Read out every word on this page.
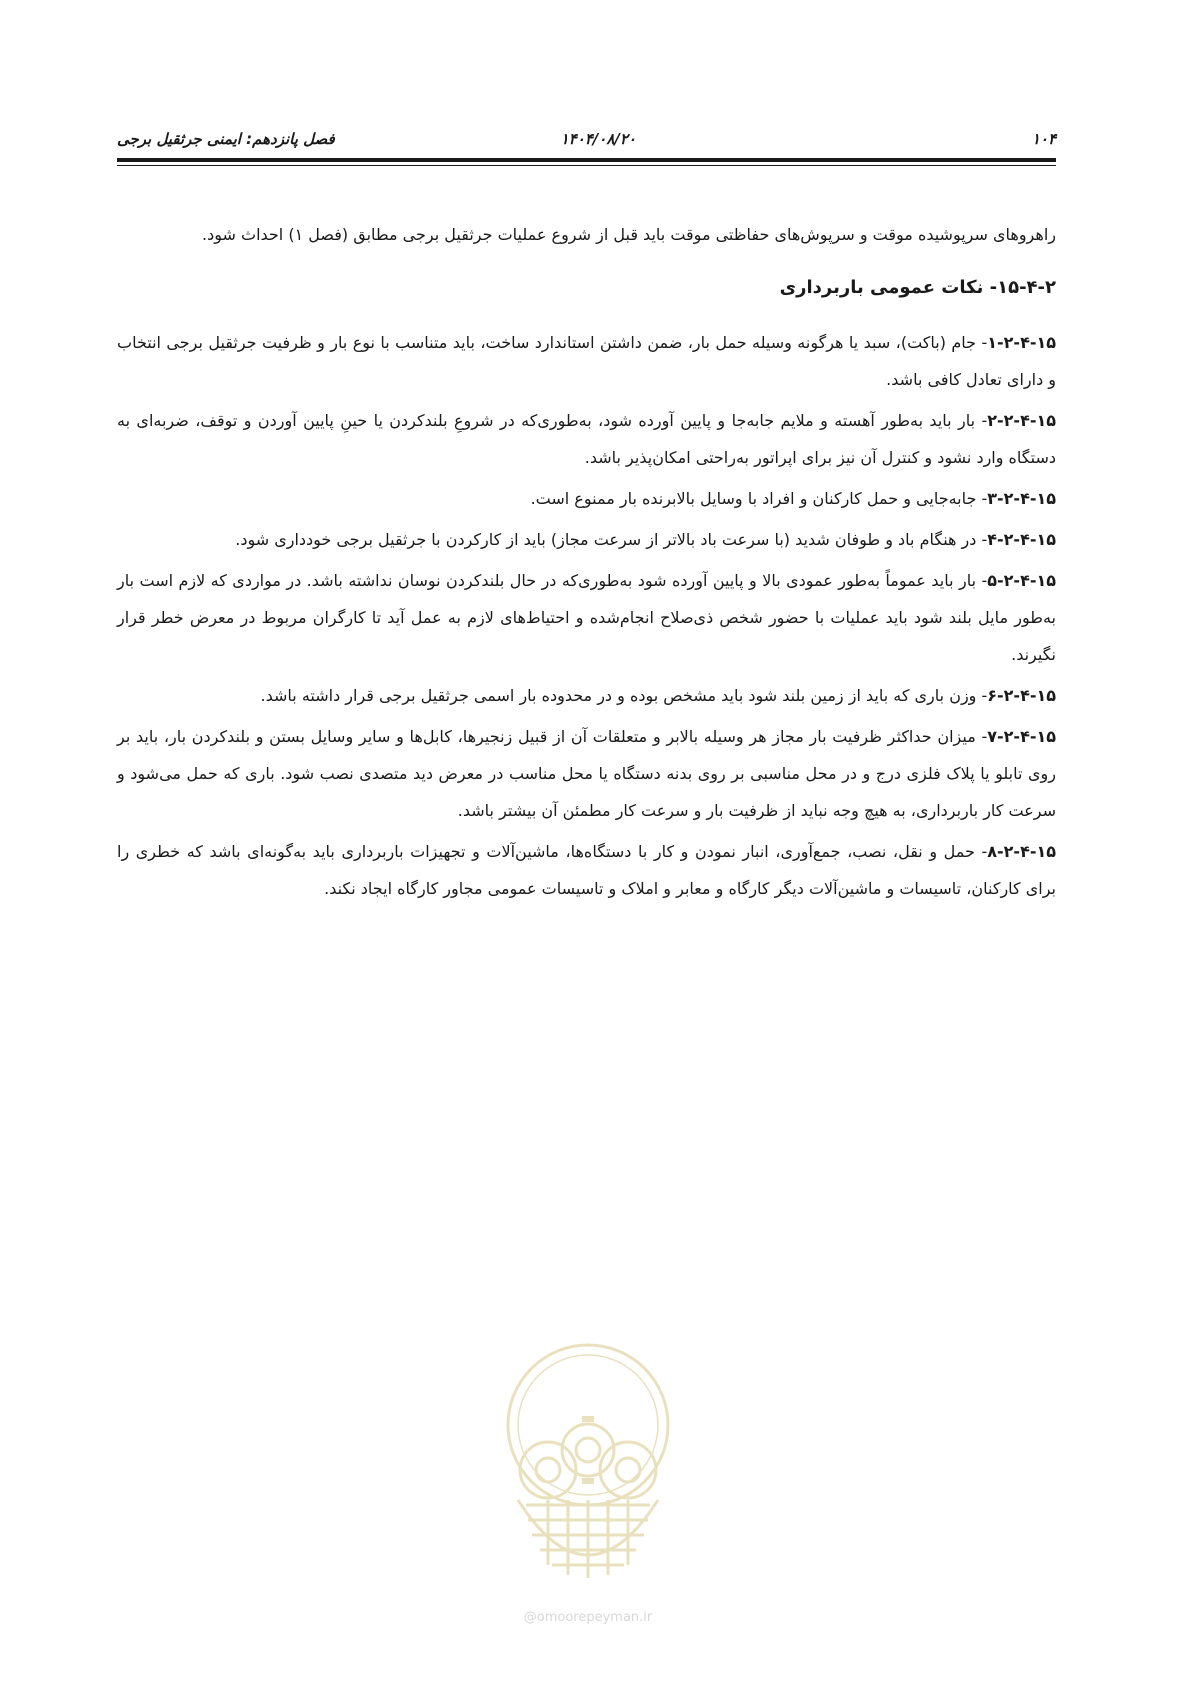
۱۰۴
۱۴۰۴/۰۸/۲۰
فصل پانزدهم: ایمنی جرثقیل برجی

راهروهای سرپوشیده موقت و سرپوش‌های حفاظتی موقت باید قبل از شروع عملیات جرثقیل برجی مطابق (فصل ۱) احداث شود.

۱۵-۴-۲- نکات عمومی باربرداری

۱-۲-۴-۱۵- جام (باکت)، سبد یا هرگونه وسیله حمل بار، ضمن داشتن استاندارد ساخت، باید متناسب با نوع بار و ظرفیت جرثقیل برجی انتخاب و دارای تعادل کافی باشد.

۲-۲-۴-۱۵- بار باید به‌طور آهسته و ملایم جابه‌جا و پایین آورده شود، به‌طوری‌که در شروعِ بلندکردن یا حینِ پایین آوردن و توقف، ضربه‌ای به دستگاه وارد نشود و کنترل آن نیز برای اپراتور به‌راحتی امکان‌پذیر باشد.

۳-۲-۴-۱۵- جابه‌جایی و حمل کارکنان و افراد با وسایل بالابرنده بار ممنوع است.

۴-۲-۴-۱۵- در هنگام باد و طوفان شدید (با سرعت باد بالاتر از سرعت مجاز) باید از کارکردن با جرثقیل برجی خودداری شود.

۵-۲-۴-۱۵- بار باید عموماً به‌طور عمودی بالا و پایین آورده شود به‌طوری‌که در حال بلندکردن نوسان نداشته باشد. در مواردی که لازم است بار به‌طور مایل بلند شود باید عملیات با حضور شخص ذی‌صلاح انجام‌شده و احتیاط‌های لازم به عمل آید تا کارگران مربوط در معرض خطر قرار نگیرند.

۶-۲-۴-۱۵- وزن باری که باید از زمین بلند شود باید مشخص بوده و در محدوده بار اسمی جرثقیل برجی قرار داشته باشد.

۷-۲-۴-۱۵- میزان حداکثر ظرفیت بار مجاز هر وسیله بالابر و متعلقات آن از قبیل زنجیرها، کابل‌ها و سایر وسایل بستن و بلندکردن بار، باید بر روی تابلو یا پلاک فلزی درج و در محل مناسبی بر روی بدنه دستگاه یا محل مناسب در معرض دید متصدی نصب شود. باری که حمل می‌شود و سرعت کار باربرداری، به هیچ وجه نباید از ظرفیت بار و سرعت کار مطمئن آن بیشتر باشد.

۸-۲-۴-۱۵- حمل و نقل، نصب، جمع‌آوری، انبار نمودن و کار با دستگاه‌ها، ماشین‌آلات و تجهیزات باربرداری باید به‌گونه‌ای باشد که خطری را برای کارکنان، تاسیسات و ماشین‌آلات دیگر کارگاه و معابر و املاک و تاسیسات عمومی مجاور کارگاه ایجاد نکند.

@omoorepeyman.ir
